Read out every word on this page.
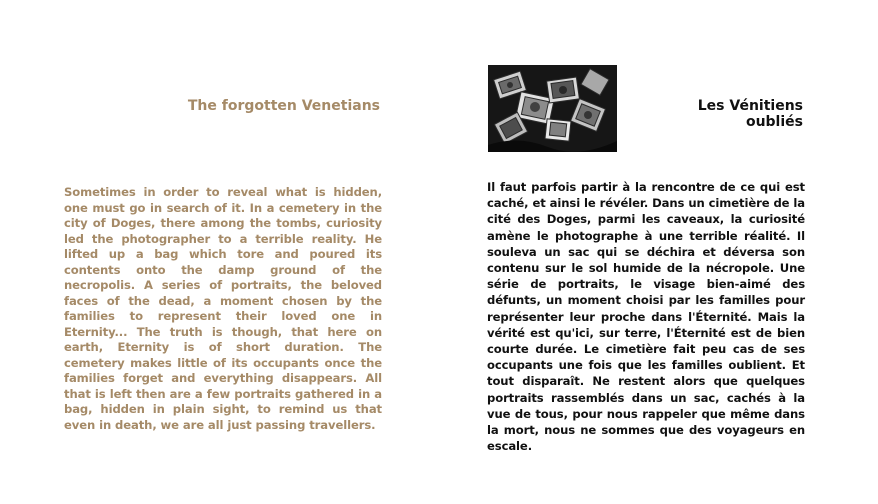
The forgotten Venetians
Sometimes in order to reveal what is hidden, one must go in search of it. In a cemetery in the city of Doges, there among the tombs, curiosity led the photographer to a terrible reality. He lifted up a bag which tore and poured its contents onto the damp ground of the necropolis. A series of portraits, the beloved faces of the dead, a moment chosen by the families to represent their loved one in Eternity... The truth is though, that here on earth, Eternity is of short duration. The cemetery makes little of its occupants once the families forget and everything disappears. All that is left then are a few portraits gathered in a bag, hidden in plain sight, to remind us that even in death, we are all just passing travellers.
Les Vénitiens oubliés
Il faut parfois partir à la rencontre de ce qui est caché, et ainsi le révéler. Dans un cimetière de la cité des Doges, parmi les caveaux, la curiosité amène le photographe à une terrible réalité. Il souleva un sac qui se déchira et déversa son contenu sur le sol humide de la nécropole. Une série de portraits, le visage bien-aimé des défunts, un moment choisi par les familles pour représenter leur proche dans l'Éternité. Mais la vérité est qu'ici, sur terre, l'Éternité est de bien courte durée. Le cimetière fait peu cas de ses occupants une fois que les familles oublient. Et tout disparaît. Ne restent alors que quelques portraits rassemblés dans un sac, cachés à la vue de tous, pour nous rappeler que même dans la mort, nous ne sommes que des voyageurs en escale.
